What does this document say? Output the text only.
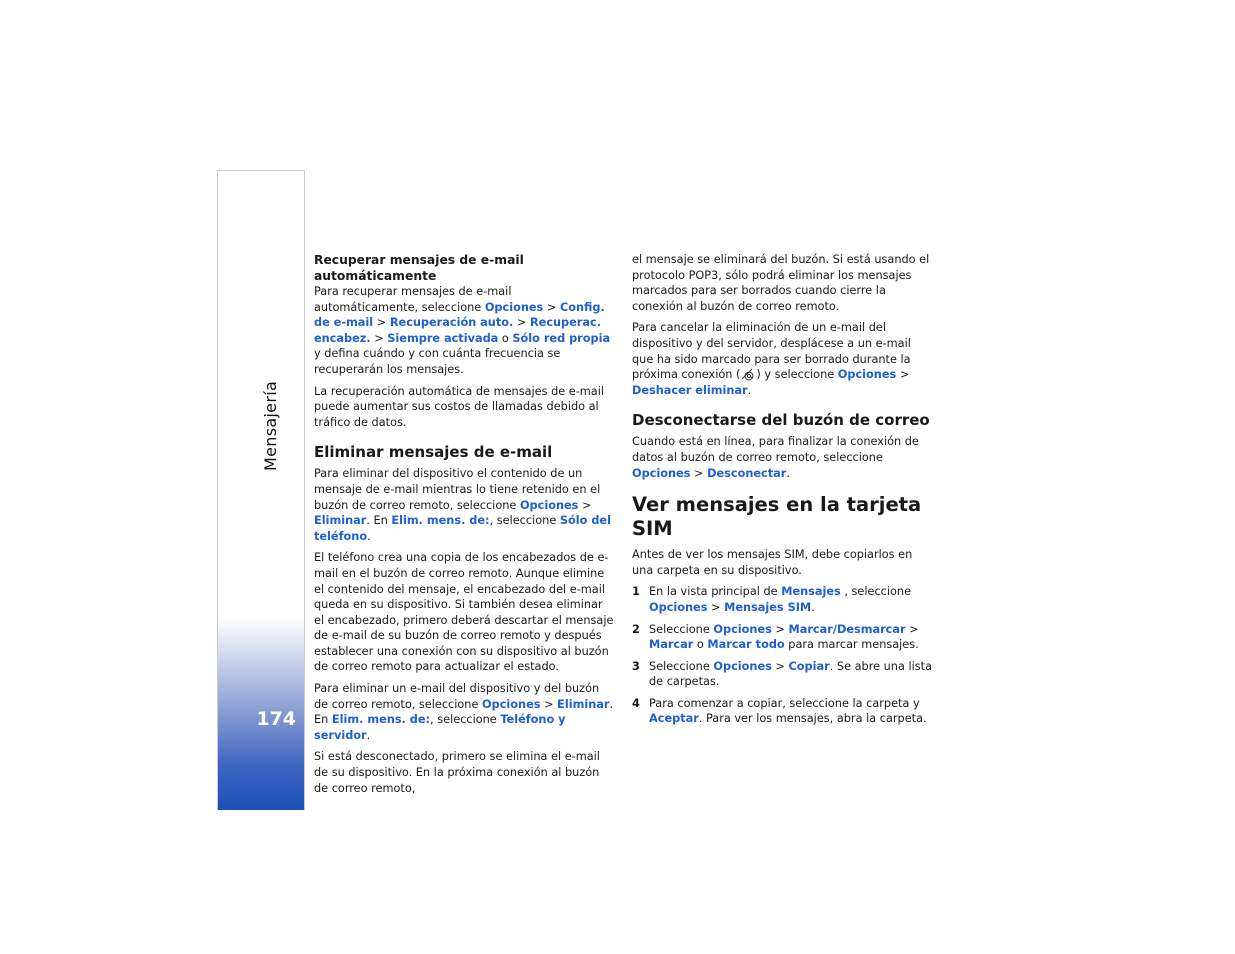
Mensajería
174
Recuperar mensajes de e-mail automáticamente

Para recuperar mensajes de e-mail automáticamente, seleccione Opciones > Config. de e-mail > Recuperación auto. > Recuperac. encabez. > Siempre activada o Sólo red propia y defina cuándo y con cuánta frecuencia se recuperarán los mensajes.

La recuperación automática de mensajes de e-mail puede aumentar sus costos de llamadas debido al tráfico de datos.

Eliminar mensajes de e-mail

Para eliminar del dispositivo el contenido de un mensaje de e-mail mientras lo tiene retenido en el buzón de correo remoto, seleccione Opciones > Eliminar. En Elim. mens. de:, seleccione Sólo del teléfono.

El teléfono crea una copia de los encabezados de e-mail en el buzón de correo remoto. Aunque elimine el contenido del mensaje, el encabezado del e-mail queda en su dispositivo. Si también desea eliminar el encabezado, primero deberá descartar el mensaje de e-mail de su buzón de correo remoto y después establecer una conexión con su dispositivo al buzón de correo remoto para actualizar el estado.

Para eliminar un e-mail del dispositivo y del buzón de correo remoto, seleccione Opciones > Eliminar. En Elim. mens. de:, seleccione Teléfono y servidor.

Si está desconectado, primero se elimina el e-mail de su dispositivo. En la próxima conexión al buzón de correo remoto,

el mensaje se eliminará del buzón. Si está usando el protocolo POP3, sólo podrá eliminar los mensajes marcados para ser borrados cuando cierre la conexión al buzón de correo remoto.

Para cancelar la eliminación de un e-mail del dispositivo y del servidor, desplácese a un e-mail que ha sido marcado para ser borrado durante la próxima conexión ( ) y seleccione Opciones > Deshacer eliminar.

Desconectarse del buzón de correo

Cuando está en línea, para finalizar la conexión de datos al buzón de correo remoto, seleccione Opciones > Desconectar.

Ver mensajes en la tarjeta SIM

Antes de ver los mensajes SIM, debe copiarlos en una carpeta en su dispositivo.

1 En la vista principal de Mensajes , seleccione Opciones > Mensajes SIM.
2 Seleccione Opciones > Marcar/Desmarcar > Marcar o Marcar todo para marcar mensajes.
3 Seleccione Opciones > Copiar. Se abre una lista de carpetas.
4 Para comenzar a copiar, seleccione la carpeta y Aceptar. Para ver los mensajes, abra la carpeta.
